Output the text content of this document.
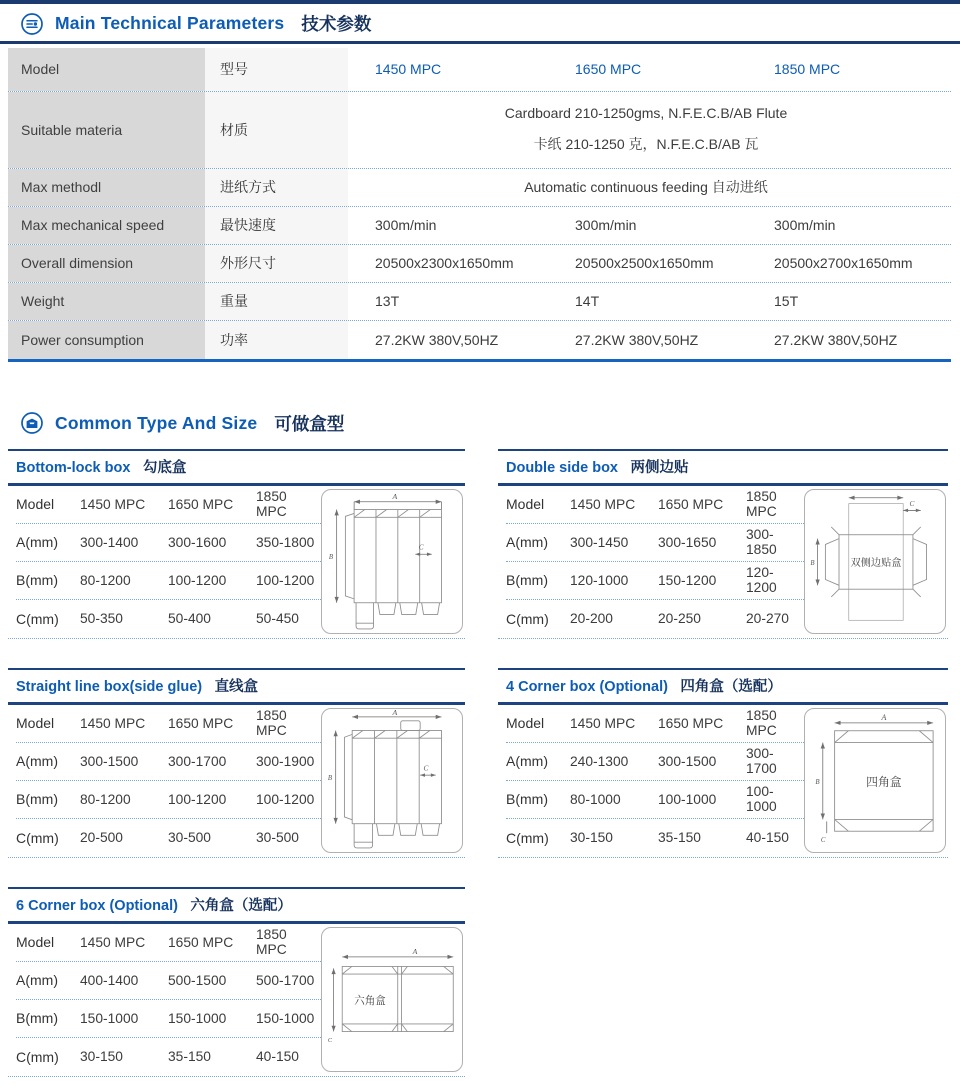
Main Technical Parameters 技术参数
Model	型号	1450 MPC	1650 MPC	1850 MPC
Suitable materia	材质
Cardboard 210-1250gms, N.F.E.C.B/AB Flute
卡纸 210-1250 克，N.F.E.C.B/AB 瓦
Max methodl	进纸方式	Automatic continuous feeding 自动进纸
Max mechanical speed	最快速度	300m/min	300m/min	300m/min
Overall dimension	外形尺寸	20500x2300x1650mm	20500x2500x1650mm	20500x2700x1650mm
Weight	重量	13T	14T	15T
Power consumption	功率	27.2KW 380V,50HZ	27.2KW 380V,50HZ	27.2KW 380V,50HZ
Common Type And Size 可做盒型
Bottom-lock box 勾底盒
Model	1450 MPC	1650 MPC	1850 MPC
A(mm)	300-1400	300-1600	350-1800
B(mm)	80-1200	100-1200	100-1200
C(mm)	50-350	50-400	50-450
A
B
C
Double side box 两侧边贴
Model	1450 MPC	1650 MPC	1850 MPC
A(mm)	300-1450	300-1650	300-1850
B(mm)	120-1000	150-1200	120-1200
C(mm)	20-200	20-250	20-270
C
双侧边贴盒
B
Straight line box(side glue) 直线盒
Model	1450 MPC	1650 MPC	1850 MPC
A(mm)	300-1500	300-1700	300-1900
B(mm)	80-1200	100-1200	100-1200
C(mm)	20-500	30-500	30-500
A
B
C
4 Corner box (Optional) 四角盒（选配）
Model	1450 MPC	1650 MPC	1850 MPC
A(mm)	240-1300	300-1500	300-1700
B(mm)	80-1000	100-1000	100-1000
C(mm)	30-150	35-150	40-150
A
四角盒
B
C
6 Corner box (Optional) 六角盒（选配）
Model	1450 MPC	1650 MPC	1850 MPC
A(mm)	400-1400	500-1500	500-1700
B(mm)	150-1000	150-1000	150-1000
C(mm)	30-150	35-150	40-150
A
六角盒
C
